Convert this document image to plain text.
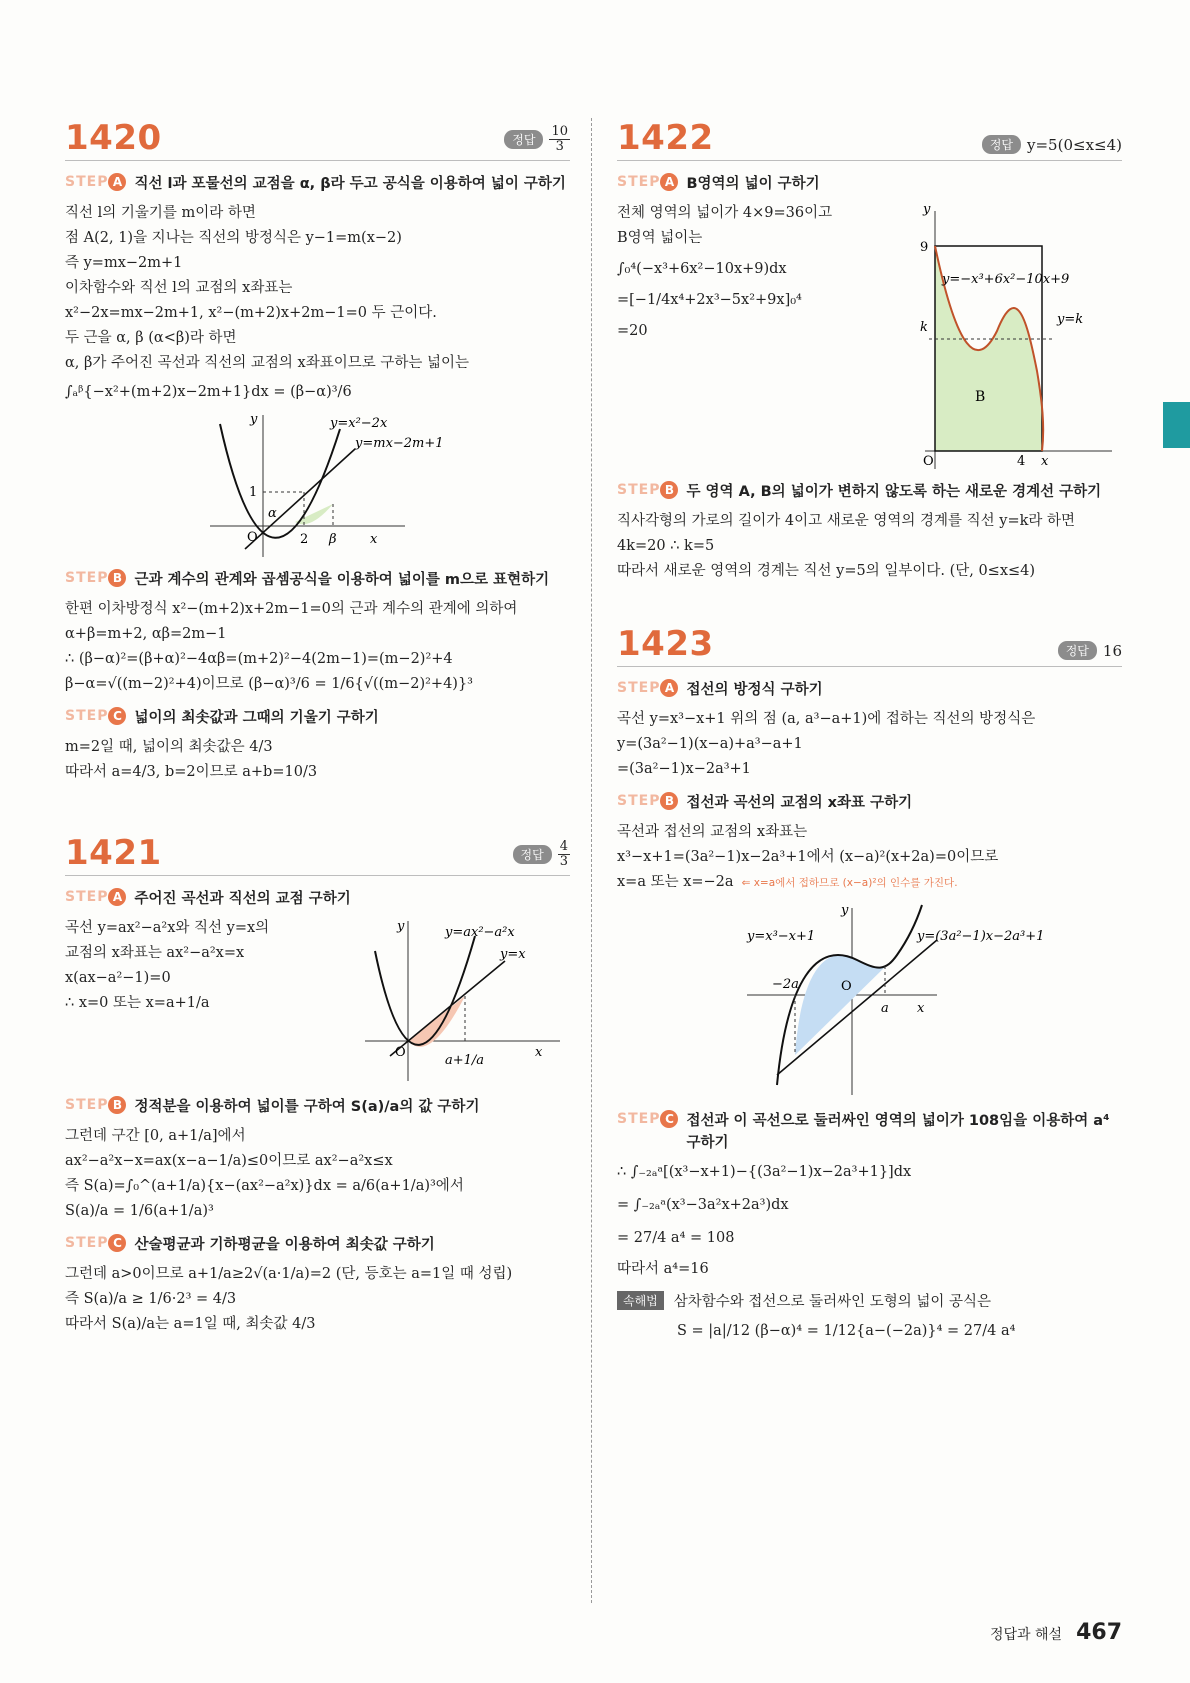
1420	정답	$\frac{10}{3}$
STEP A 직선 l과 포물선의 교점을 α, β라 두고 공식을 이용하여 넓이 구하기
직선 l의 기울기를 m이라 하면
점 A(2, 1)을 지나는 직선의 방정식은 y−1=m(x−2)
즉 y=mx−2m+1
이차함수와 직선 l의 교점의 x좌표는
x²−2x=mx−2m+1, x²−(m+2)x+2m−1=0 두 근이다.
두 근을 α, β (α<β)라 하면
α, β가 주어진 곡선과 직선의 교점의 x좌표이므로 구하는 넓이는
∫ₐᵝ{−x²+(m+2)x−2m+1}dx = (β−α)³/6
y
O
1
2
α
β	x
y=x²−2x
y=mx−2m+1
STEP B 근과 계수의 관계와 곱셈공식을 이용하여 넓이를 m으로 표현하기
한편 이차방정식 x²−(m+2)x+2m−1=0의 근과 계수의 관계에 의하여
α+β=m+2, αβ=2m−1
∴ (β−α)²=(β+α)²−4αβ=(m+2)²−4(2m−1)=(m−2)²+4
β−α=√((m−2)²+4)이므로 (β−α)³/6 = 1/6{√((m−2)²+4)}³
STEP C 넓이의 최솟값과 그때의 기울기 구하기
m=2일 때, 넓이의 최솟값은 4/3
따라서 a=4/3, b=2이므로 a+b=10/3
1421	정답	$\frac{4}{3}$
STEP A 주어진 곡선과 직선의 교점 구하기
곡선 y=ax²−a²x와 직선 y=x의
교점의 x좌표는 ax²−a²x=x
x(ax−a²−1)=0
∴ x=0 또는 x=a+1/a
y
O
a+1/a
x
y=ax²−a²x
y=x
STEP B 정적분을 이용하여 넓이를 구하여 S(a)/a의 값 구하기
그런데 구간 [0, a+1/a]에서
ax²−a²x−x=ax(x−a−1/a)≤0이므로 ax²−a²x≤x
즉 S(a)=∫₀^(a+1/a){x−(ax²−a²x)}dx = a/6(a+1/a)³에서
S(a)/a = 1/6(a+1/a)³
STEP C 산술평균과 기하평균을 이용하여 최솟값 구하기
그런데 a>0이므로 a+1/a≥2√(a·1/a)=2 (단, 등호는 a=1일 때 성립)
즉 S(a)/a ≥ 1/6·2³ = 4/3
따라서 S(a)/a는 a=1일 때, 최솟값 4/3
1422	정답 y=5(0≤x≤4)
STEP A B영역의 넓이 구하기
전체 영역의 넓이가 4×9=36이고
B영역 넓이는
∫₀⁴(−x³+6x²−10x+9)dx
=[−1/4x⁴+2x³−5x²+9x]₀⁴
=20
y
9
k
O	4 x
B
y=−x³+6x²−10x+9
y=k
STEP B 두 영역 A, B의 넓이가 변하지 않도록 하는 새로운 경계선 구하기
직사각형의 가로의 길이가 4이고 새로운 영역의 경계를 직선 y=k라 하면
4k=20 ∴ k=5
따라서 새로운 영역의 경계는 직선 y=5의 일부이다. (단, 0≤x≤4)
1423	정답 16
STEP A 접선의 방정식 구하기
곡선 y=x³−x+1 위의 점 (a, a³−a+1)에 접하는 직선의 방정식은
y=(3a²−1)(x−a)+a³−a+1
=(3a²−1)x−2a³+1
STEP B 접선과 곡선의 교점의 x좌표 구하기
곡선과 접선의 교점의 x좌표는
x³−x+1=(3a²−1)x−2a³+1에서 (x−a)²(x+2a)=0이므로
x=a 또는 x=−2a ⇐ x=a에서 접하므로 (x−a)²의 인수를 가진다.
y
O
−2a
a x
y=x³−x+1	y=(3a²−1)x−2a³+1
STEP C 접선과 이 곡선으로 둘러싸인 영역의 넓이가 108임을 이용하여 a⁴ 구하기
∴ ∫₋₂ₐᵃ[(x³−x+1)−{(3a²−1)x−2a³+1}]dx
= ∫₋₂ₐᵃ(x³−3a²x+2a³)dx
= 27/4 a⁴ = 108
따라서 a⁴=16
속해법	삼차함수와 접선으로 둘러싸인 도형의 넓이 공식은
S = |a|/12 (β−α)⁴ = 1/12{a−(−2a)}⁴ = 27/4 a⁴
정답과 해설 467
